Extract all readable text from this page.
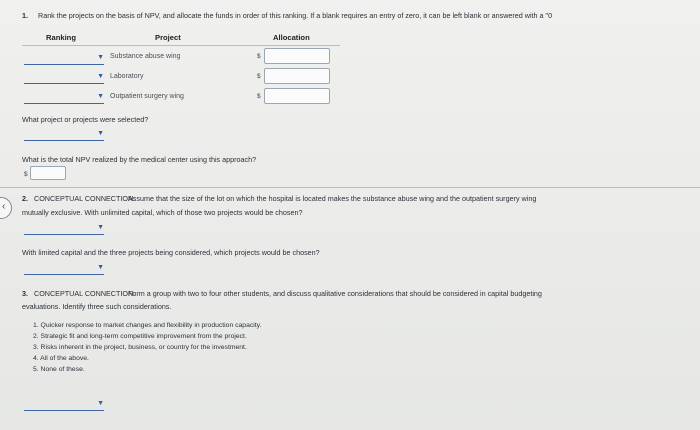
1. Rank the projects on the basis of NPV, and allocate the funds in order of this ranking. If a blank requires an entry of zero, it can be left blank or answered with a "0
Ranking	Project	Allocation
▼ Substance abuse wing	$
▼ Laboratory	$
▼ Outpatient surgery wing	$
What project or projects were selected?
▼
What is the total NPV realized by the medical center using this approach?
$
‹
2. CONCEPTUAL CONNECTION:
Assume that the size of the lot on which the hospital is located makes the substance abuse wing and the outpatient surgery wing
mutually exclusive. With unlimited capital, which of those two projects would be chosen?
▼
With limited capital and the three projects being considered, which projects would be chosen?
▼
3. CONCEPTUAL CONNECTION:
Form a group with two to four other students, and discuss qualitative considerations that should be considered in capital budgeting
evaluations. Identify three such considerations.
1. Quicker response to market changes and flexibility in production capacity.
2. Strategic fit and long-term competitive improvement from the project.
3. Risks inherent in the project, business, or country for the investment.
4. All of the above.
5. None of these.
▼
